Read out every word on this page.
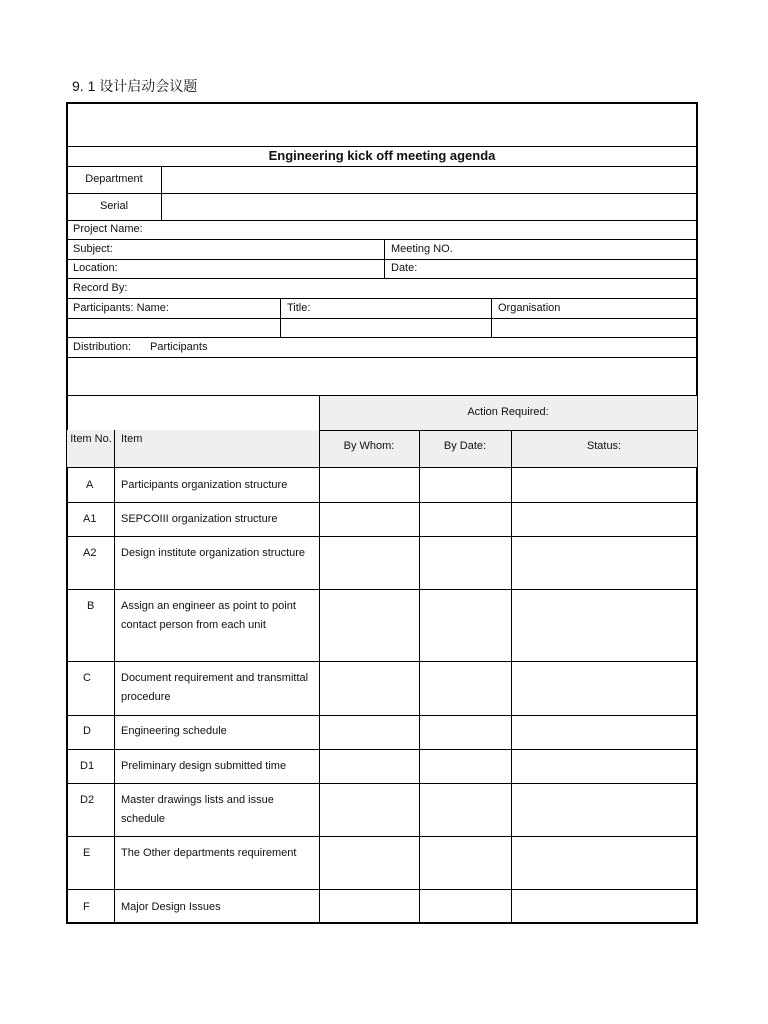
9. 1 设计启动会议题
Engineering kick off meeting agenda
Department
Serial
Project Name:
Subject:	Meeting NO.
Location:	Date:
Record By:
Participants: Name:	Title:	Organisation
Distribution: Participants
Action Required:
Item No. Item
By Whom:	By Date:	Status:
A	Participants organization structure
A1 SEPCOIII organization structure
A2 Design institute organization structure
B Assign an engineer as point to point contact person from each unit
C	Document requirement and transmittal procedure
D	Engineering schedule
D1 Preliminary design submitted time
D2 Master drawings lists and issue schedule
E	The Other departments requirement
F	Major Design Issues
